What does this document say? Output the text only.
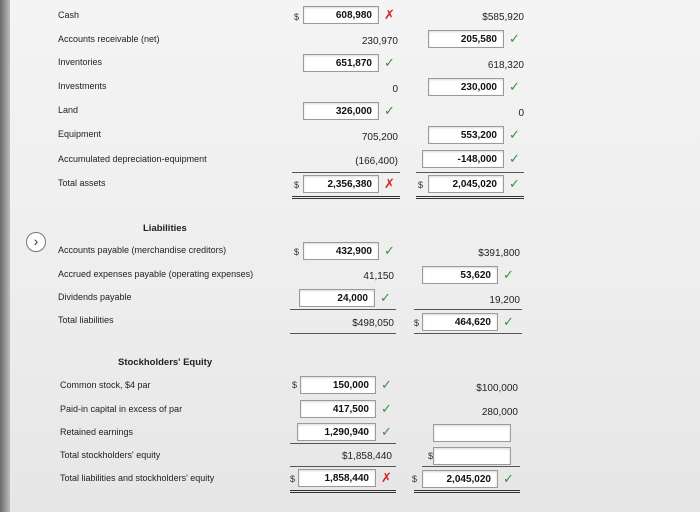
Cash	$	608,980 ✗	$585,920
Accounts receivable (net)	230,970	205,580 ✓
Inventories	651,870 ✓	618,320
Investments	0	230,000 ✓
Land	326,000 ✓	0
Equipment	705,200	553,200 ✓
Accumulated depreciation-equipment	(166,400)	-148,000 ✓
Total assets	$	2,356,380 ✗	$	2,045,020 ✓
Liabilities
›
Accounts payable (merchandise creditors)	$	432,900 ✓	$391,800
Accrued expenses payable (operating expenses)	41,150	53,620 ✓
Dividends payable	24,000 ✓	19,200
Total liabilities	$498,050 $	464,620 ✓
Stockholders' Equity
Common stock, $4 par	$	150,000 ✓	$100,000
Paid-in capital in excess of par	417,500 ✓	280,000
Retained earnings	1,290,940 ✓
Total stockholders' equity	$1,858,440	$
Total liabilities and stockholders' equity	$	1,858,440 ✗ $	2,045,020 ✓
